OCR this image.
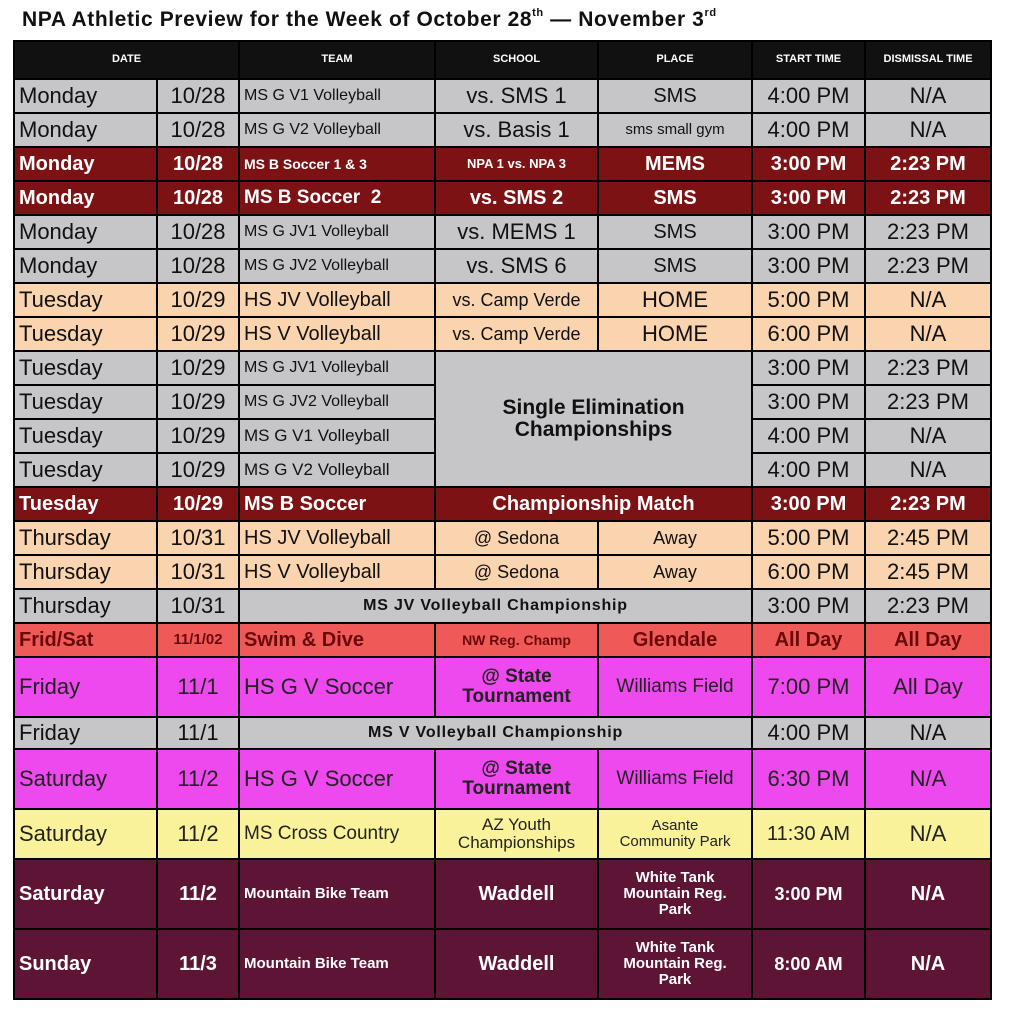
NPA Athletic Preview for the Week of October 28th — November 3rd
DATE		TEAM	SCHOOL	PLACE	START TIME	DISMISSAL TIME
Monday	10/28	MS G V1 Volleyball	vs. SMS 1	SMS	4:00 PM	N/A
Monday	10/28	MS G V2 Volleyball	vs. Basis 1	sms small gym	4:00 PM	N/A
Monday	10/28	MS B Soccer 1 & 3	NPA 1 vs. NPA 3	MEMS	3:00 PM	2:23 PM
Monday	10/28	MS B Soccer  2	vs. SMS 2	SMS	3:00 PM	2:23 PM
Monday	10/28	MS G JV1 Volleyball	vs. MEMS 1	SMS	3:00 PM	2:23 PM
Monday	10/28	MS G JV2 Volleyball	vs. SMS 6	SMS	3:00 PM	2:23 PM
Tuesday	10/29	HS JV Volleyball	vs. Camp Verde	HOME	5:00 PM	N/A
Tuesday	10/29	HS V Volleyball	vs. Camp Verde	HOME	6:00 PM	N/A
Tuesday	10/29	MS G JV1 Volleyball	Single Elimination
Championships		3:00 PM	2:23 PM
Tuesday	10/29	MS G JV2 Volleyball			3:00 PM	2:23 PM
Tuesday	10/29	MS G V1 Volleyball			4:00 PM	N/A
Tuesday	10/29	MS G V2 Volleyball			4:00 PM	N/A
Tuesday	10/29	MS B Soccer	Championship Match		3:00 PM	2:23 PM
Thursday	10/31	HS JV Volleyball	@ Sedona	Away	5:00 PM	2:45 PM
Thursday	10/31	HS V Volleyball	@ Sedona	Away	6:00 PM	2:45 PM
Thursday	10/31	MS JV Volleyball Championship			3:00 PM	2:23 PM
Frid/Sat	11/1/02	Swim & Dive	NW Reg. Champ	Glendale	All Day	All Day
Friday	11/1	HS G V Soccer	@ State
Tournament	Williams Field	7:00 PM	All Day
Friday	11/1	MS V Volleyball Championship			4:00 PM	N/A
Saturday	11/2	HS G V Soccer	@ State
Tournament	Williams Field	6:30 PM	N/A
Saturday	11/2	MS Cross Country	AZ Youth
Championships	Asante
Community Park	11:30 AM	N/A
Saturday	11/2	Mountain Bike Team	Waddell	White Tank
Mountain Reg.
Park	3:00 PM	N/A
Sunday	11/3	Mountain Bike Team	Waddell	White Tank
Mountain Reg.
Park	8:00 AM	N/A
